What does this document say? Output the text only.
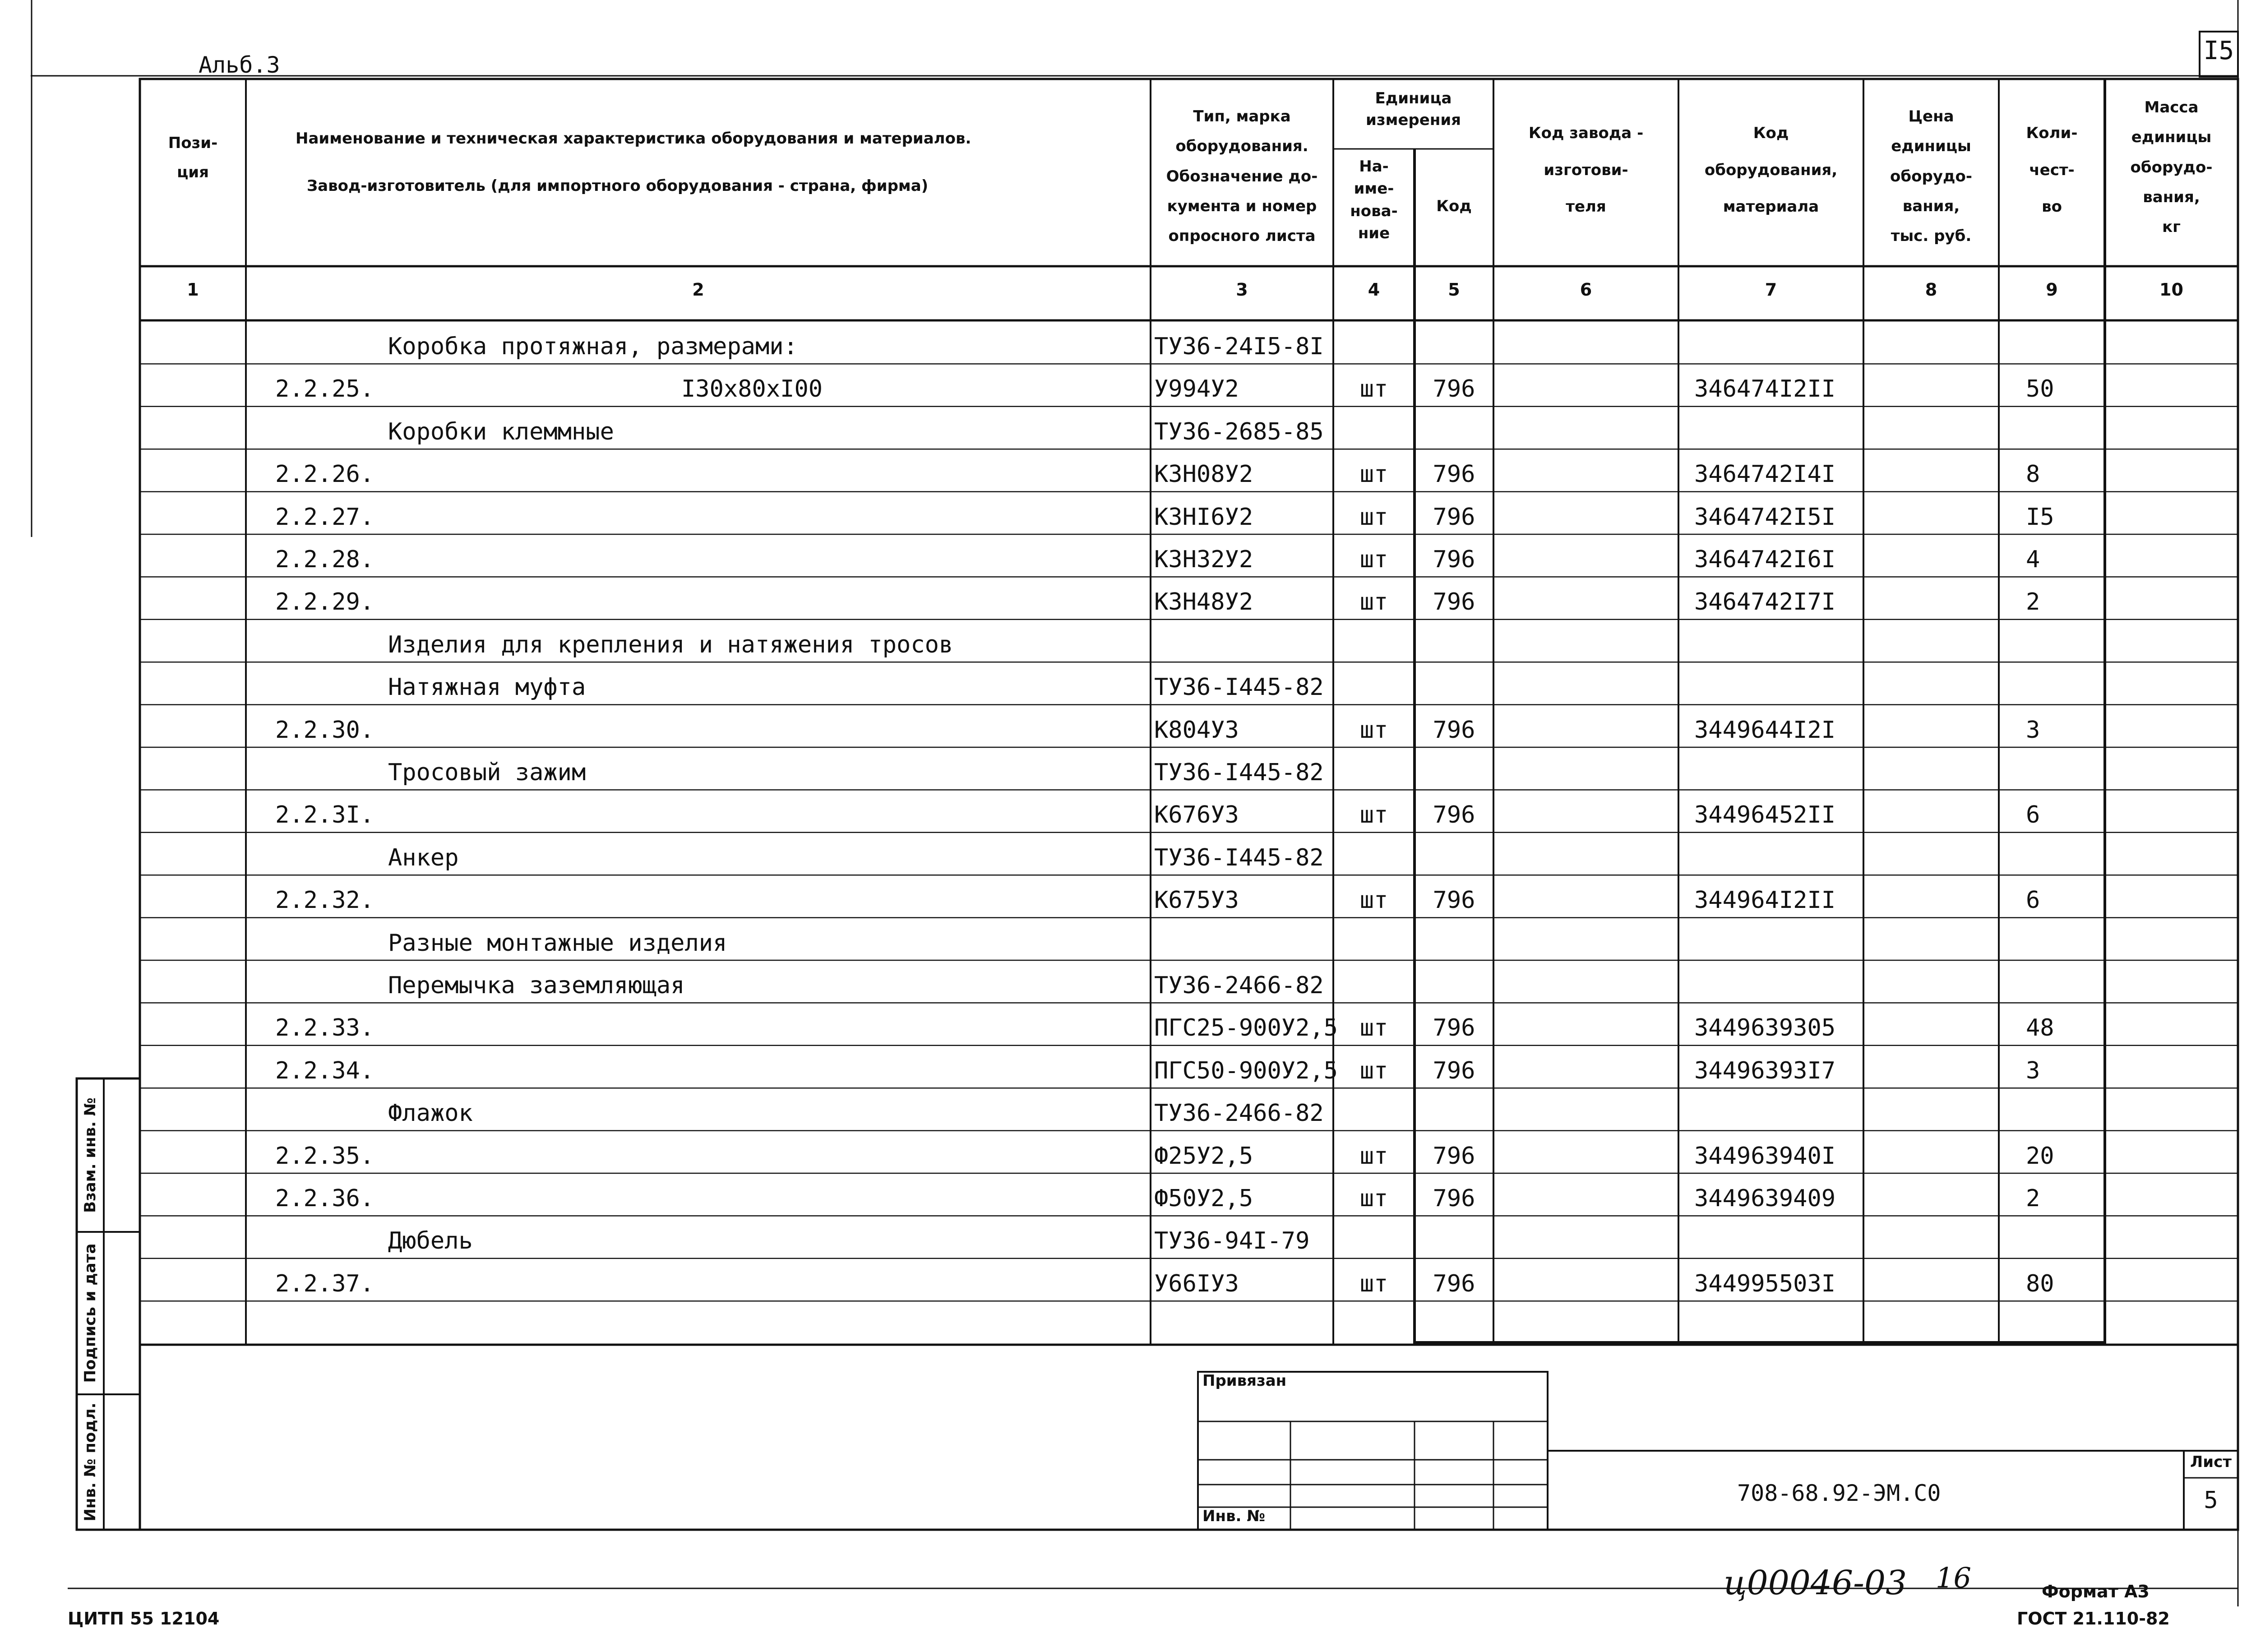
I5
Альб.3
Пози-
ция
Наименование и техническая характеристика оборудования и материалов.
Завод-изготовитель (для импортного оборудования - страна, фирма)
Тип, марка
оборудования.
Обозначение до-
кумента и номер
опросного листа
Единица
измерения
На-
име-
нова-
ние
Код
Код завода -
изготови-
теля
Код
оборудования,
материала
Цена
единицы
оборудо-
вания,
тыс. руб.
Коли-
чест-
во
Масса
единицы
оборудо-
вания,
кг
1	2	3	4	5	6	7	8	9	10
Коробка протяжная, размерами:	ТУ36-24I5-8I
2.2.25.	I30x80xI00	У994У2	шт	796	346474I2II	50
Коробки клеммные	ТУ36-2685-85
2.2.26.	К3Н08У2	шт	796	3464742I4I	8
2.2.27.	К3НI6У2	шт	796	3464742I5I	I5
2.2.28.	К3Н32У2	шт	796	3464742I6I	4
2.2.29.	К3Н48У2	шт	796	3464742I7I	2
Изделия для крепления и натяжения тросов
Натяжная муфта	ТУ36-I445-82
2.2.30.	К804У3	шт	796	3449644I2I	3
Тросовый зажим	ТУ36-I445-82
2.2.3I.	К676У3	шт	796	34496452II	6
Анкер	ТУ36-I445-82
2.2.32.	К675У3	шт	796	344964I2II	6
Разные монтажные изделия
Перемычка заземляющая	ТУ36-2466-82
2.2.33.	ПГС25-900У2,5 шт	796	3449639305	48
2.2.34.	ПГС50-900У2,5 шт	796	34496393I7	3
Флажок	ТУ36-2466-82
2.2.35.	Ф25У2,5	шт	796	344963940I	20
2.2.36.	Ф50У2,5	шт	796	3449639409	2
Дюбель	ТУ36-94I-79
2.2.37.	У66IУ3	шт	796	344995503I	80
Взам. инв. №
Подпись и дата
Инв. № подл.
Привязан
Инв. №
708-68.92-ЭМ.С0
Лист
5
ц00046-03 16	Формат А3
ГОСТ 21.110-82
ЦИТП 55 12104
